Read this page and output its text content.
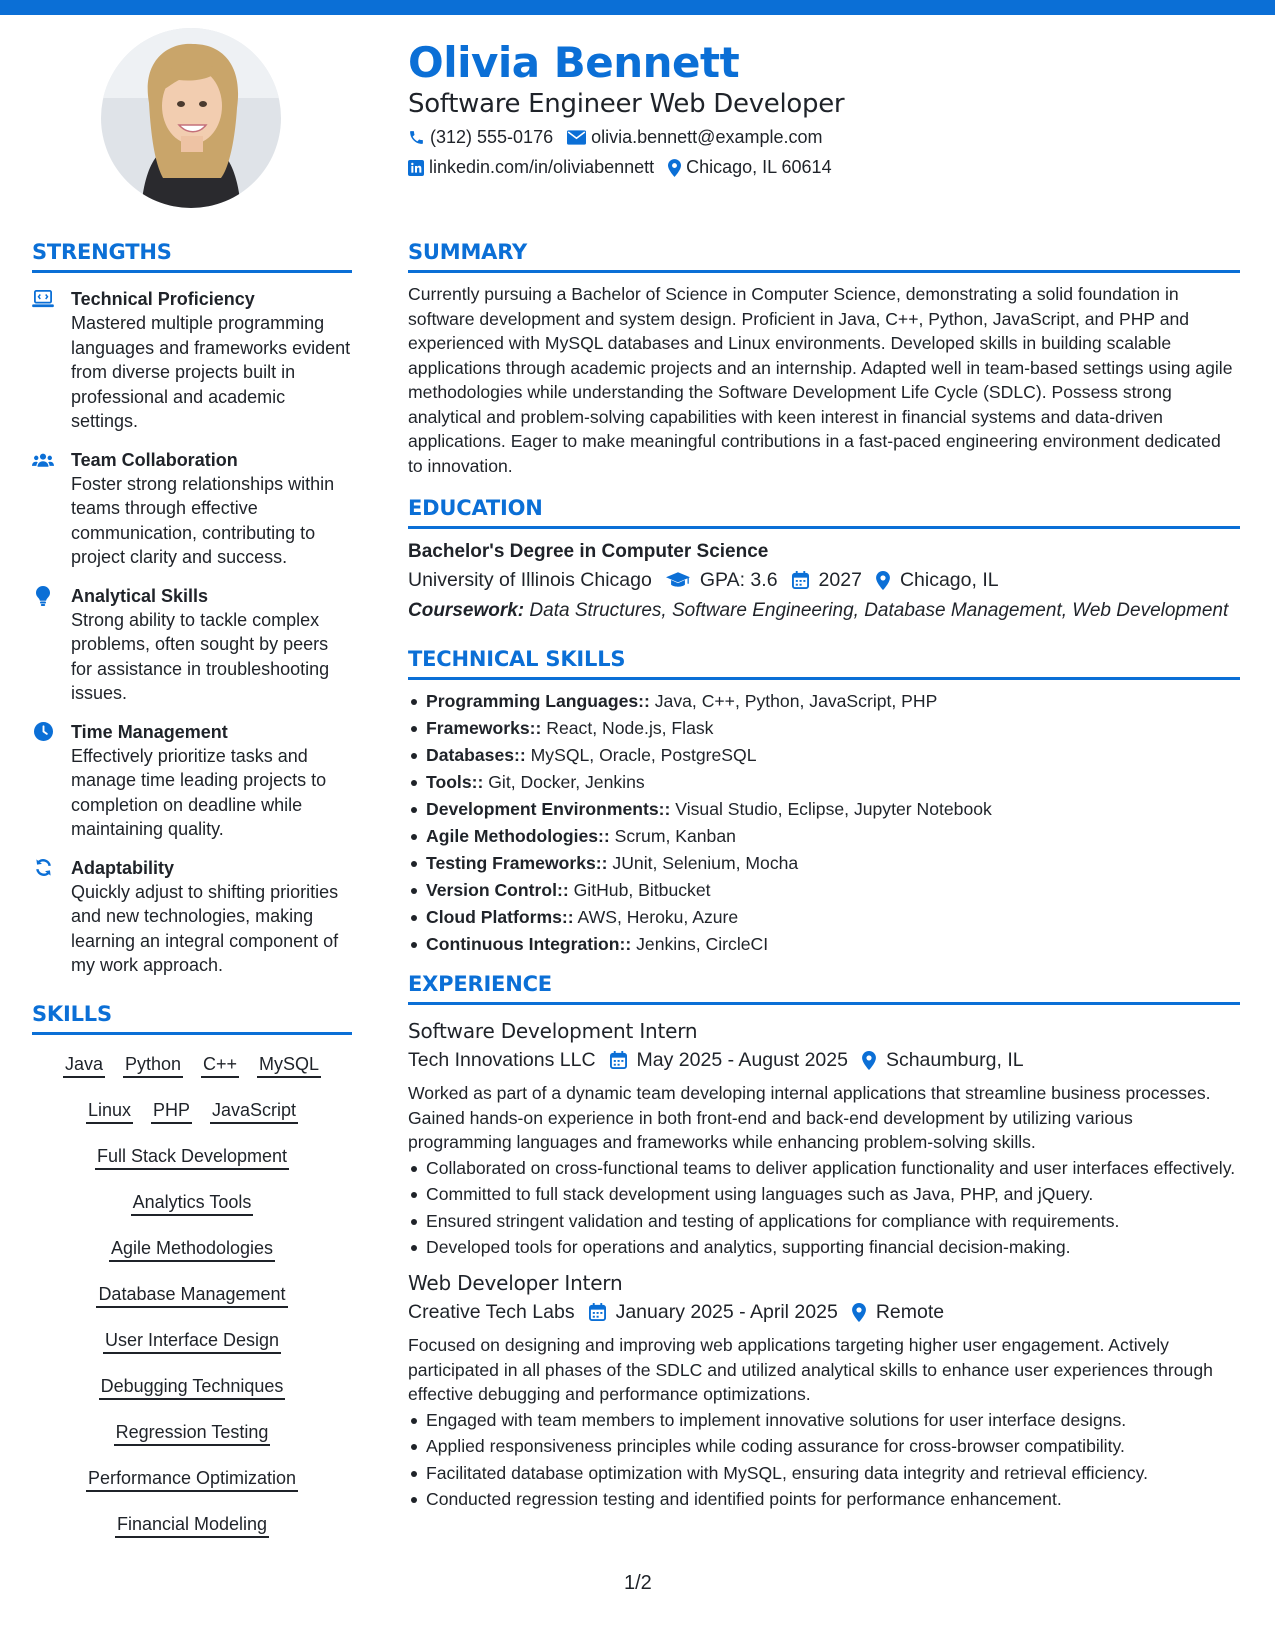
Olivia Bennett
Software Engineer Web Developer
(312) 555-0176 olivia.bennett@example.com
linkedin.com/in/oliviabennett Chicago, IL 60614
STRENGTHS
Technical Proficiency
Mastered multiple programming languages and frameworks evident from diverse projects built in professional and academic settings.
Team Collaboration
Foster strong relationships within teams through effective communication, contributing to project clarity and success.
Analytical Skills
Strong ability to tackle complex problems, often sought by peers for assistance in troubleshooting issues.
Time Management
Effectively prioritize tasks and manage time leading projects to completion on deadline while maintaining quality.
Adaptability
Quickly adjust to shifting priorities and new technologies, making learning an integral component of my work approach.
SKILLS
Java Python C++ MySQL
Linux PHP JavaScript
Full Stack Development
Analytics Tools
Agile Methodologies
Database Management
User Interface Design
Debugging Techniques
Regression Testing
Performance Optimization
Financial Modeling
SUMMARY
Currently pursuing a Bachelor of Science in Computer Science, demonstrating a solid foundation in software development and system design. Proficient in Java, C++, Python, JavaScript, and PHP and experienced with MySQL databases and Linux environments. Developed skills in building scalable applications through academic projects and an internship. Adapted well in team-based settings using agile methodologies while understanding the Software Development Life Cycle (SDLC). Possess strong analytical and problem-solving capabilities with keen interest in financial systems and data-driven applications. Eager to make meaningful contributions in a fast-paced engineering environment dedicated to innovation.
EDUCATION
Bachelor's Degree in Computer Science
University of Illinois Chicago GPA: 3.6 2027 Chicago, IL
Coursework: Data Structures, Software Engineering, Database Management, Web Development
TECHNICAL SKILLS
Programming Languages:: Java, C++, Python, JavaScript, PHP
Frameworks:: React, Node.js, Flask
Databases:: MySQL, Oracle, PostgreSQL
Tools:: Git, Docker, Jenkins
Development Environments:: Visual Studio, Eclipse, Jupyter Notebook
Agile Methodologies:: Scrum, Kanban
Testing Frameworks:: JUnit, Selenium, Mocha
Version Control:: GitHub, Bitbucket
Cloud Platforms:: AWS, Heroku, Azure
Continuous Integration:: Jenkins, CircleCI
EXPERIENCE
Software Development Intern
Tech Innovations LLC May 2025 - August 2025 Schaumburg, IL
Worked as part of a dynamic team developing internal applications that streamline business processes. Gained hands-on experience in both front-end and back-end development by utilizing various programming languages and frameworks while enhancing problem-solving skills.
Collaborated on cross-functional teams to deliver application functionality and user interfaces effectively.
Committed to full stack development using languages such as Java, PHP, and jQuery.
Ensured stringent validation and testing of applications for compliance with requirements.
Developed tools for operations and analytics, supporting financial decision-making.
Web Developer Intern
Creative Tech Labs January 2025 - April 2025 Remote
Focused on designing and improving web applications targeting higher user engagement. Actively participated in all phases of the SDLC and utilized analytical skills to enhance user experiences through effective debugging and performance optimizations.
Engaged with team members to implement innovative solutions for user interface designs.
Applied responsiveness principles while coding assurance for cross-browser compatibility.
Facilitated database optimization with MySQL, ensuring data integrity and retrieval efficiency.
Conducted regression testing and identified points for performance enhancement.
1/2
